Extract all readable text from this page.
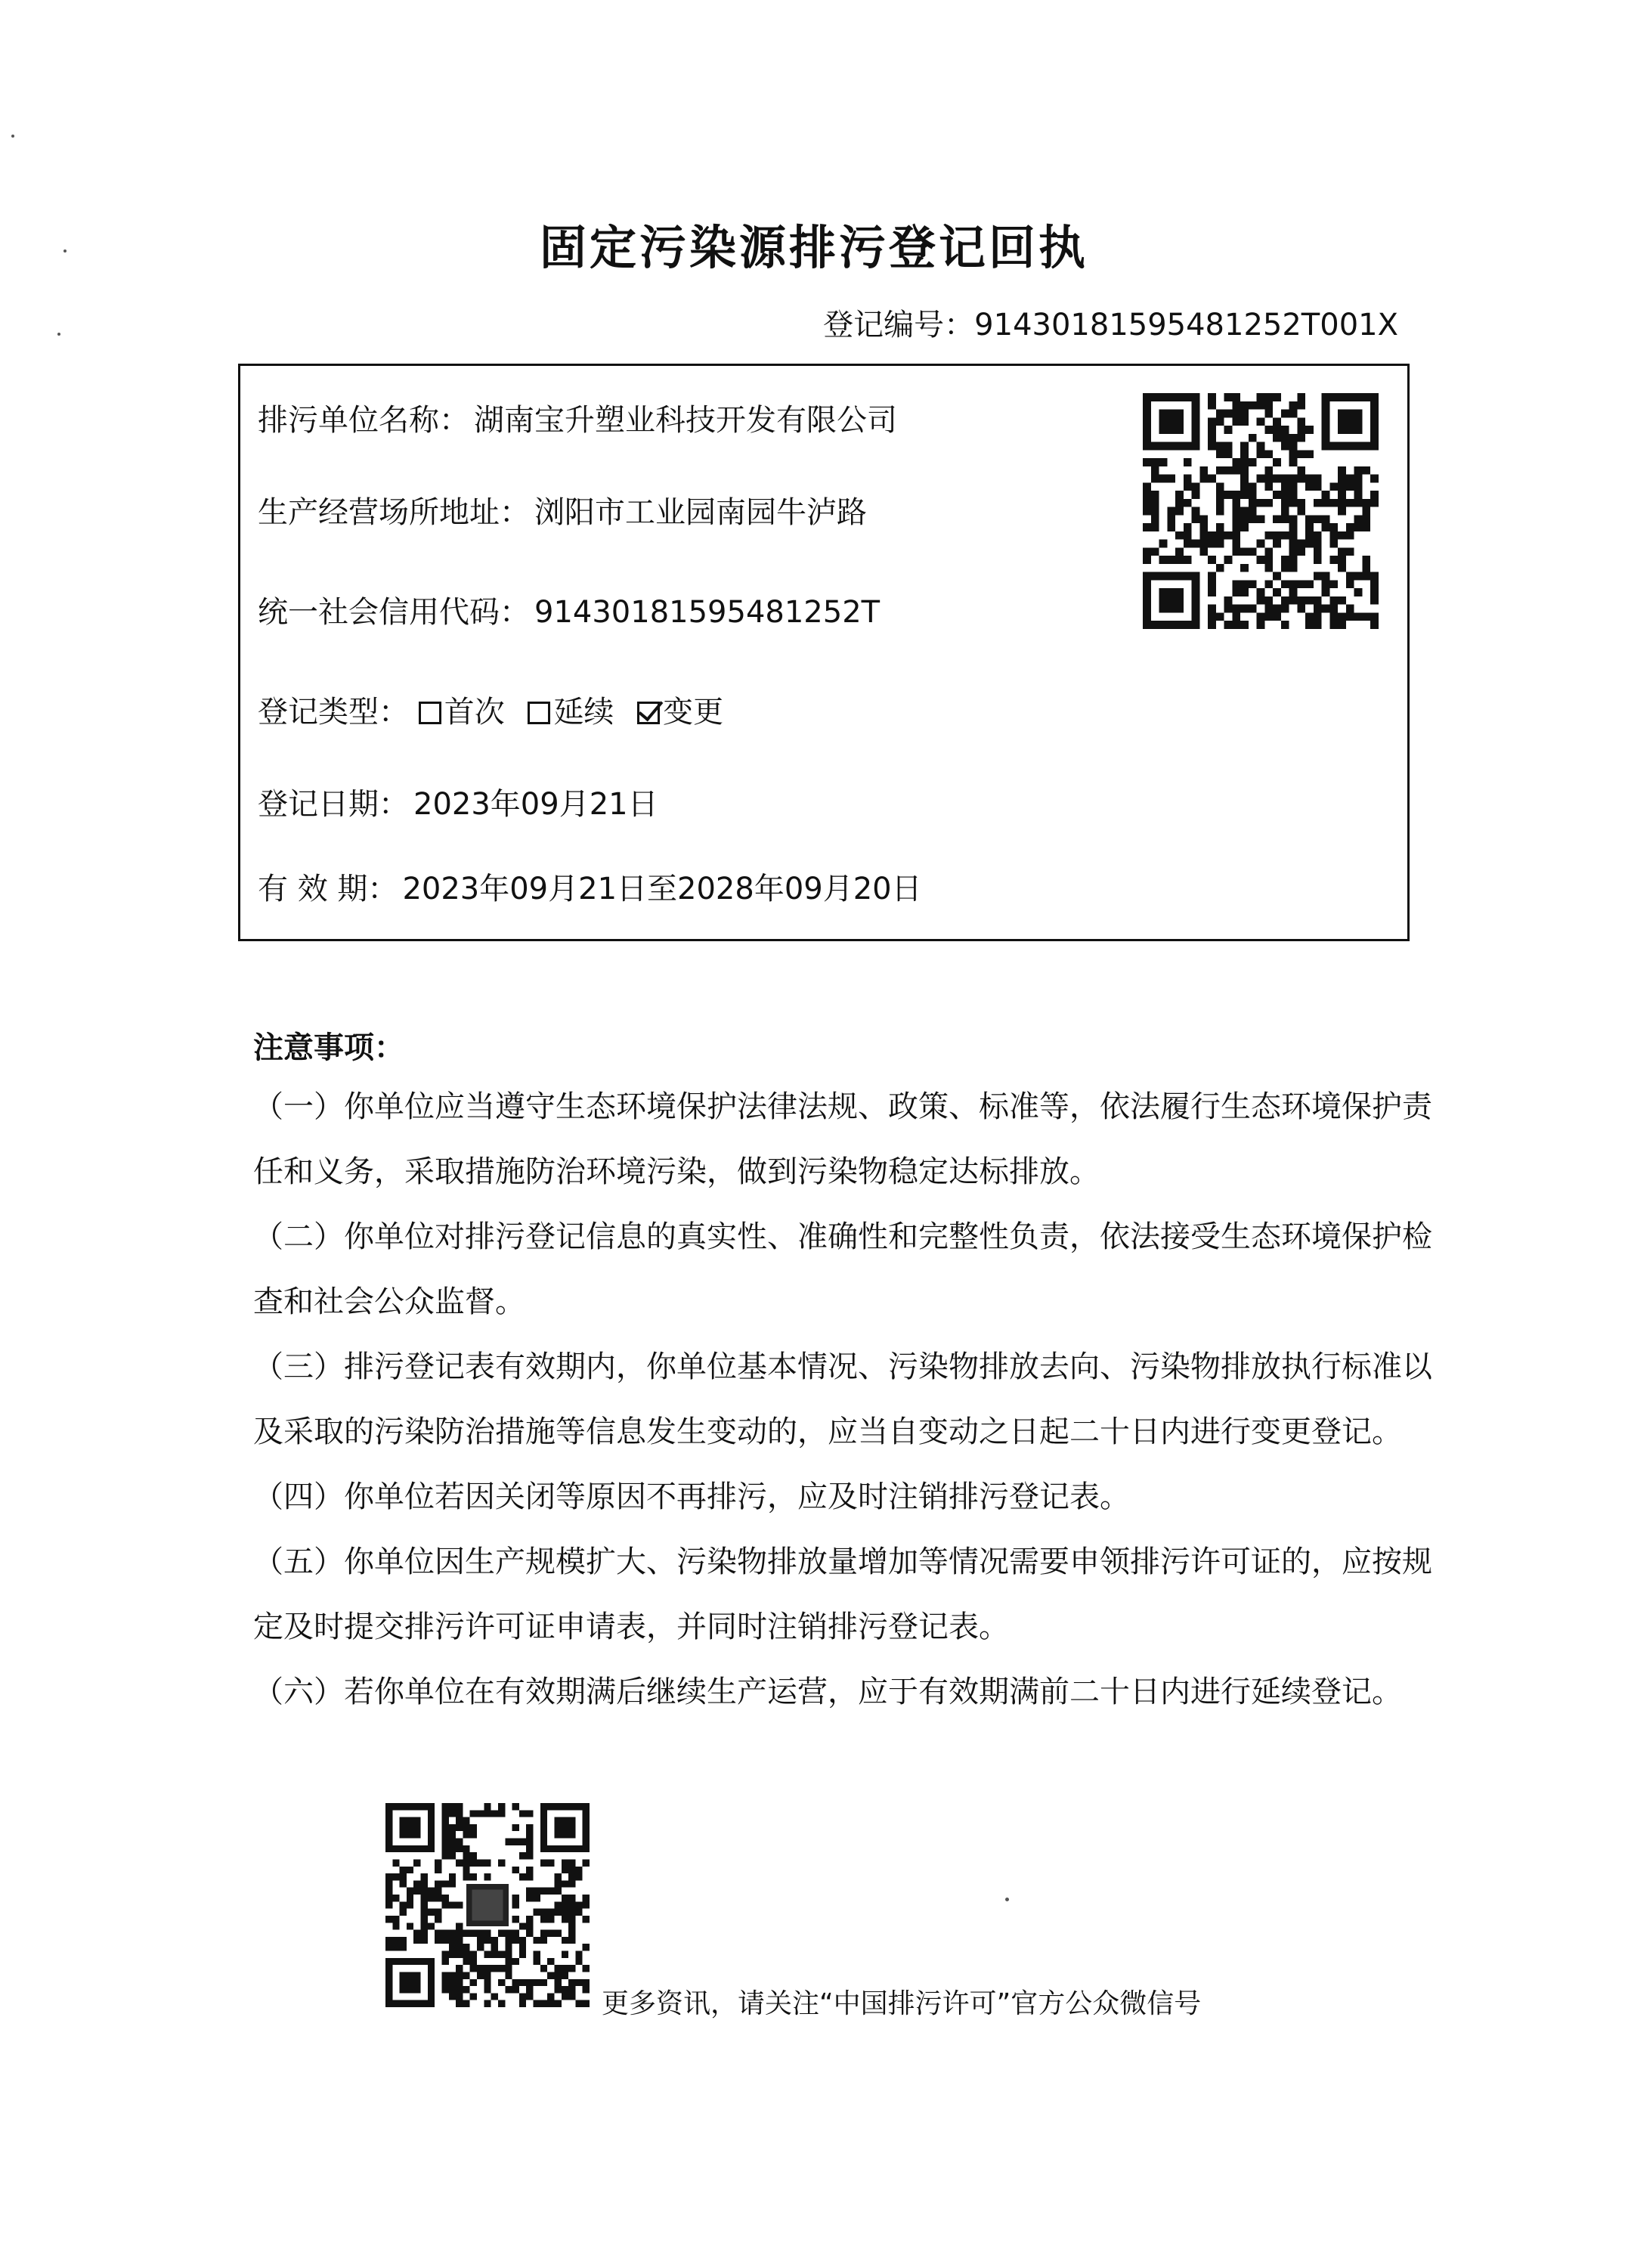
固定污染源排污登记回执
登记编号：91430181595481252T001X
排污单位名称： 湖南宝升塑业科技开发有限公司
生产经营场所地址： 浏阳市工业园南园牛泸路
统一社会信用代码： 91430181595481252T
登记类型： 首次 延续 变更
登记日期： 2023年09月21日
有 效 期： 2023年09月21日至2028年09月20日
注意事项：
（一）你单位应当遵守生态环境保护法律法规、政策、标准等，依法履行生态环境保护责
任和义务，采取措施防治环境污染，做到污染物稳定达标排放。
（二）你单位对排污登记信息的真实性、准确性和完整性负责，依法接受生态环境保护检
查和社会公众监督。
（三）排污登记表有效期内，你单位基本情况、污染物排放去向、污染物排放执行标准以
及采取的污染防治措施等信息发生变动的，应当自变动之日起二十日内进行变更登记。
（四）你单位若因关闭等原因不再排污，应及时注销排污登记表。
（五）你单位因生产规模扩大、污染物排放量增加等情况需要申领排污许可证的，应按规
定及时提交排污许可证申请表，并同时注销排污登记表。
（六）若你单位在有效期满后继续生产运营，应于有效期满前二十日内进行延续登记。
更多资讯，请关注“中国排污许可”官方公众微信号
